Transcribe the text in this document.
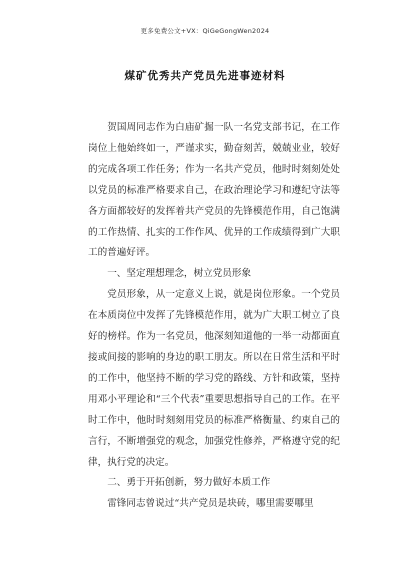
更多免费公文+VX：QiGeGongWen2024
煤矿优秀共产党员先进事迹材料

贺国周同志作为白庙矿掘一队一名党支部书记，在工作岗位上他始终如一，严谨求实，勤奋刻苦，兢兢业业，较好的完成各项工作任务；作为一名共产党员，他时时刻刻处处以党员的标准严格要求自己，在政治理论学习和遵纪守法等各方面都较好的发挥着共产党员的先锋模范作用，自己饱满的工作热情、扎实的工作作风、优异的工作成绩得到广大职工的普遍好评。

一、坚定理想理念，树立党员形象

党员形象，从一定意义上说，就是岗位形象。一个党员在本质岗位中发挥了先锋模范作用，就为广大职工树立了良好的榜样。作为一名党员，他深刻知道他的一举一动都面直接或间接的影响的身边的职工朋友。所以在日常生活和平时的工作中，他坚持不断的学习党的路线、方针和政策，坚持用邓小平理论和“三个代表”重要思想指导自己的工作。在平时工作中，他时时刻刻用党员的标准严格衡量、约束自己的言行，不断增强党的观念，加强党性修养，严格遵守党的纪律，执行党的决定。

二、勇于开拓创新，努力做好本质工作

雷锋同志曾说过“共产党员是块砖，哪里需要哪里
